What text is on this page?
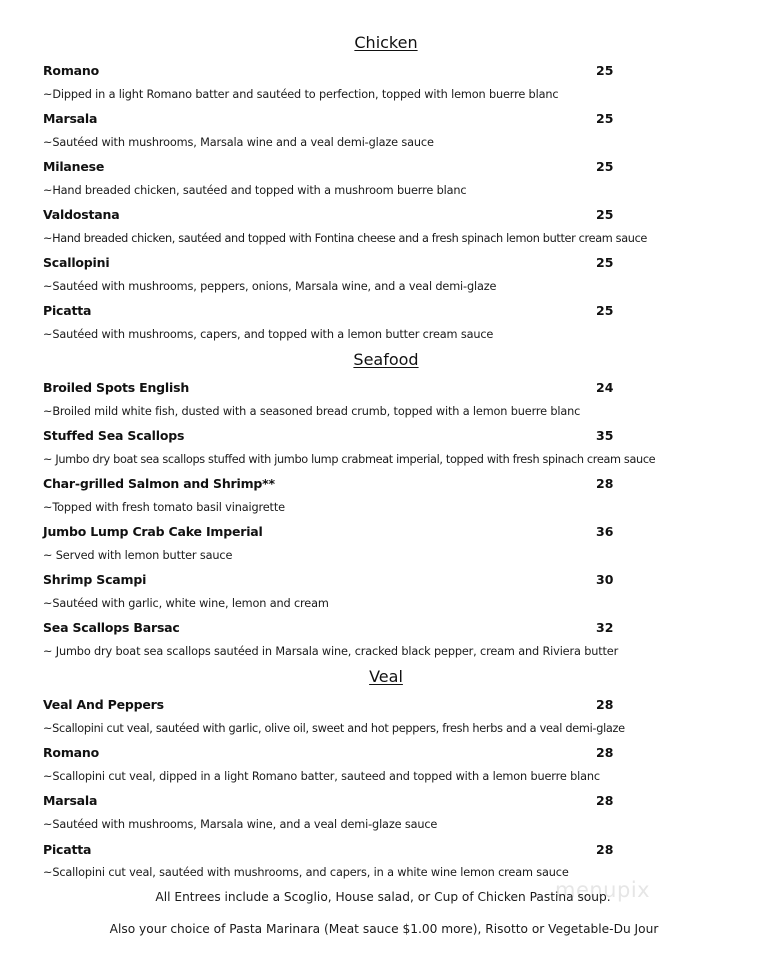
Chicken
Romano	25
~Dipped in a light Romano batter and sautéed to perfection, topped with lemon buerre blanc
Marsala	25
~Sautéed with mushrooms, Marsala wine and a veal demi-glaze sauce
Milanese	25
~Hand breaded chicken, sautéed and topped with a mushroom buerre blanc
Valdostana	25
~Hand breaded chicken, sautéed and topped with Fontina cheese and a fresh spinach lemon butter cream sauce
Scallopini	25
~Sautéed with mushrooms, peppers, onions, Marsala wine, and a veal demi-glaze
Picatta	25
~Sautéed with mushrooms, capers, and topped with a lemon butter cream sauce
Seafood
Broiled Spots English	24
~Broiled mild white fish, dusted with a seasoned bread crumb, topped with a lemon buerre blanc
Stuffed Sea Scallops	35
~ Jumbo dry boat sea scallops stuffed with jumbo lump crabmeat imperial, topped with fresh spinach cream sauce
Char-grilled Salmon and Shrimp**	28
~Topped with fresh tomato basil vinaigrette
Jumbo Lump Crab Cake Imperial	36
~ Served with lemon butter sauce
Shrimp Scampi	30
~Sautéed with garlic, white wine, lemon and cream
Sea Scallops Barsac	32
~ Jumbo dry boat sea scallops sautéed in Marsala wine, cracked black pepper, cream and Riviera butter
Veal
Veal And Peppers	28
~Scallopini cut veal, sautéed with garlic, olive oil, sweet and hot peppers, fresh herbs and a veal demi-glaze
Romano	28
~Scallopini cut veal, dipped in a light Romano batter, sauteed and topped with a lemon buerre blanc
Marsala	28
~Sautéed with mushrooms, Marsala wine, and a veal demi-glaze sauce
Picatta	28
~Scallopini cut veal, sautéed with mushrooms, and capers, in a white wine lemon cream sauce
menupix
All Entrees include a Scoglio, House salad, or Cup of Chicken Pastina soup.
Also your choice of Pasta Marinara (Meat sauce $1.00 more), Risotto or Vegetable-Du Jour
